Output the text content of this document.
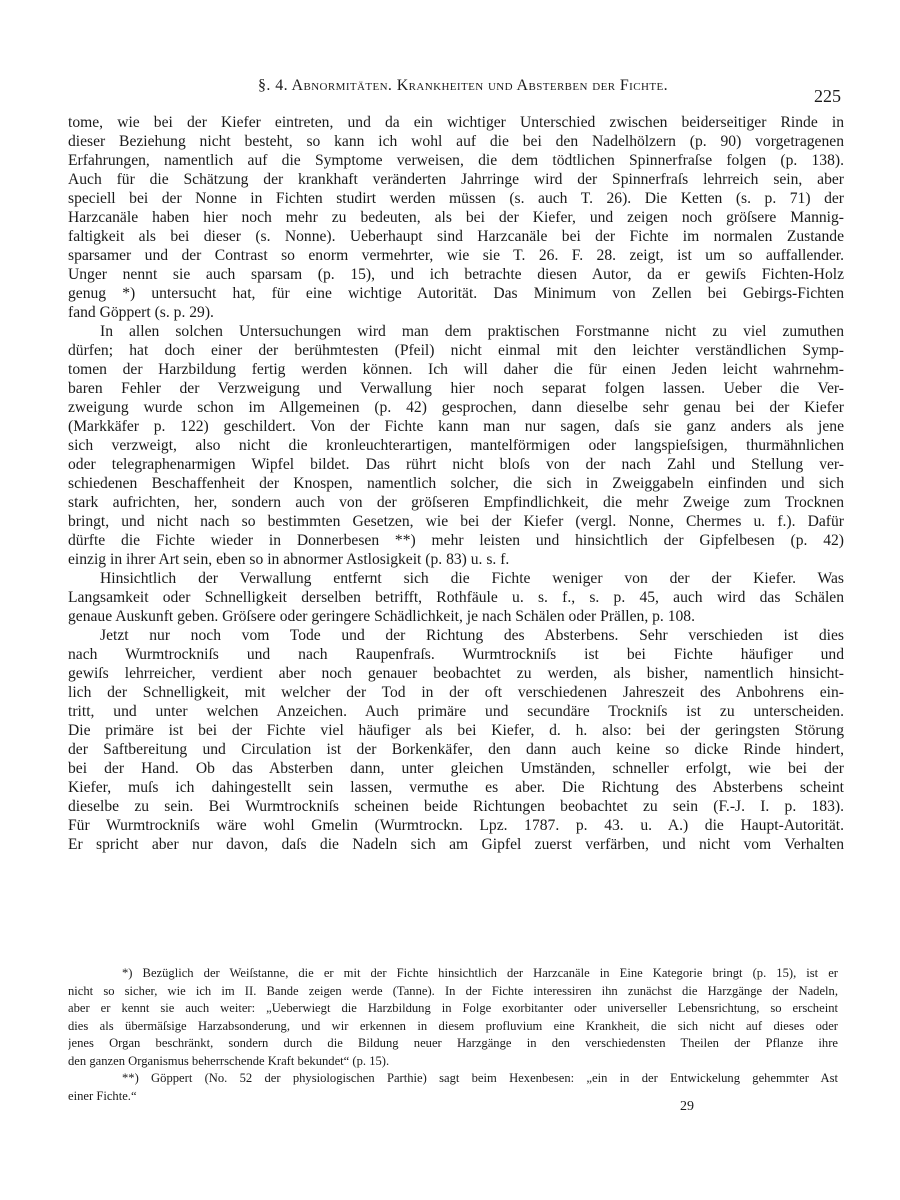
§. 4. Abnormitäten. Krankheiten und Absterben der Fichte.
225
tome, wie bei der Kiefer eintreten, und da ein wichtiger Unterschied zwischen beiderseitiger Rinde in
dieser Beziehung nicht besteht, so kann ich wohl auf die bei den Nadelhölzern (p. 90) vorgetragenen
Erfahrungen, namentlich auf die Symptome verweisen, die dem tödtlichen Spinnerfraſse folgen (p. 138).
Auch für die Schätzung der krankhaft veränderten Jahrringe wird der Spinnerfraſs lehrreich sein, aber
speciell bei der Nonne in Fichten studirt werden müssen (s. auch T. 26). Die Ketten (s. p. 71) der
Harzcanäle haben hier noch mehr zu bedeuten, als bei der Kiefer, und zeigen noch gröſsere Mannig-
faltigkeit als bei dieser (s. Nonne). Ueberhaupt sind Harzcanäle bei der Fichte im normalen Zustande
sparsamer und der Contrast so enorm vermehrter, wie sie T. 26. F. 28. zeigt, ist um so auffallender.
Unger nennt sie auch sparsam (p. 15), und ich betrachte diesen Autor, da er gewiſs Fichten-Holz
genug *) untersucht hat, für eine wichtige Autorität. Das Minimum von Zellen bei Gebirgs-Fichten
fand Göppert (s. p. 29).
In allen solchen Untersuchungen wird man dem praktischen Forstmanne nicht zu viel zumuthen
dürfen; hat doch einer der berühmtesten (Pfeil) nicht einmal mit den leichter verständlichen Symp-
tomen der Harzbildung fertig werden können. Ich will daher die für einen Jeden leicht wahrnehm-
baren Fehler der Verzweigung und Verwallung hier noch separat folgen lassen. Ueber die Ver-
zweigung wurde schon im Allgemeinen (p. 42) gesprochen, dann dieselbe sehr genau bei der Kiefer
(Markkäfer p. 122) geschildert. Von der Fichte kann man nur sagen, daſs sie ganz anders als jene
sich verzweigt, also nicht die kronleuchterartigen, mantelförmigen oder langspieſsigen, thurmähnlichen
oder telegraphenarmigen Wipfel bildet. Das rührt nicht bloſs von der nach Zahl und Stellung ver-
schiedenen Beschaffenheit der Knospen, namentlich solcher, die sich in Zweiggabeln einfinden und sich
stark aufrichten, her, sondern auch von der gröſseren Empfindlichkeit, die mehr Zweige zum Trocknen
bringt, und nicht nach so bestimmten Gesetzen, wie bei der Kiefer (vergl. Nonne, Chermes u. f.). Dafür
dürfte die Fichte wieder in Donnerbesen **) mehr leisten und hinsichtlich der Gipfelbesen (p. 42)
einzig in ihrer Art sein, eben so in abnormer Astlosigkeit (p. 83) u. s. f.
Hinsichtlich der Verwallung entfernt sich die Fichte weniger von der der Kiefer. Was
Langsamkeit oder Schnelligkeit derselben betrifft, Rothfäule u. s. f., s. p. 45, auch wird das Schälen
genaue Auskunft geben. Gröſsere oder geringere Schädlichkeit, je nach Schälen oder Prällen, p. 108.
Jetzt nur noch vom Tode und der Richtung des Absterbens. Sehr verschieden ist dies
nach Wurmtrockniſs und nach Raupenfraſs. Wurmtrockniſs ist bei Fichte häufiger und
gewiſs lehrreicher, verdient aber noch genauer beobachtet zu werden, als bisher, namentlich hinsicht-
lich der Schnelligkeit, mit welcher der Tod in der oft verschiedenen Jahreszeit des Anbohrens ein-
tritt, und unter welchen Anzeichen. Auch primäre und secundäre Trockniſs ist zu unterscheiden.
Die primäre ist bei der Fichte viel häufiger als bei Kiefer, d. h. also: bei der geringsten Störung
der Saftbereitung und Circulation ist der Borkenkäfer, den dann auch keine so dicke Rinde hindert,
bei der Hand. Ob das Absterben dann, unter gleichen Umständen, schneller erfolgt, wie bei der
Kiefer, muſs ich dahingestellt sein lassen, vermuthe es aber. Die Richtung des Absterbens scheint
dieselbe zu sein. Bei Wurmtrockniſs scheinen beide Richtungen beobachtet zu sein (F.-J. I. p. 183).
Für Wurmtrockniſs wäre wohl Gmelin (Wurmtrockn. Lpz. 1787. p. 43. u. A.) die Haupt-Autorität.
Er spricht aber nur davon, daſs die Nadeln sich am Gipfel zuerst verfärben, und nicht vom Verhalten
*) Bezüglich der Weiſstanne, die er mit der Fichte hinsichtlich der Harzcanäle in Eine Kategorie bringt (p. 15), ist er
nicht so sicher, wie ich im II. Bande zeigen werde (Tanne). In der Fichte interessiren ihn zunächst die Harzgänge der Nadeln,
aber er kennt sie auch weiter: „Ueberwiegt die Harzbildung in Folge exorbitanter oder universeller Lebensrichtung, so erscheint
dies als übermäſsige Harzabsonderung, und wir erkennen in diesem profluvium eine Krankheit, die sich nicht auf dieses oder
jenes Organ beschränkt, sondern durch die Bildung neuer Harzgänge in den verschiedensten Theilen der Pflanze ihre
den ganzen Organismus beherrschende Kraft bekundet“ (p. 15).
**) Göppert (No. 52 der physiologischen Parthie) sagt beim Hexenbesen: „ein in der Entwickelung gehemmter Ast
einer Fichte.“
29
